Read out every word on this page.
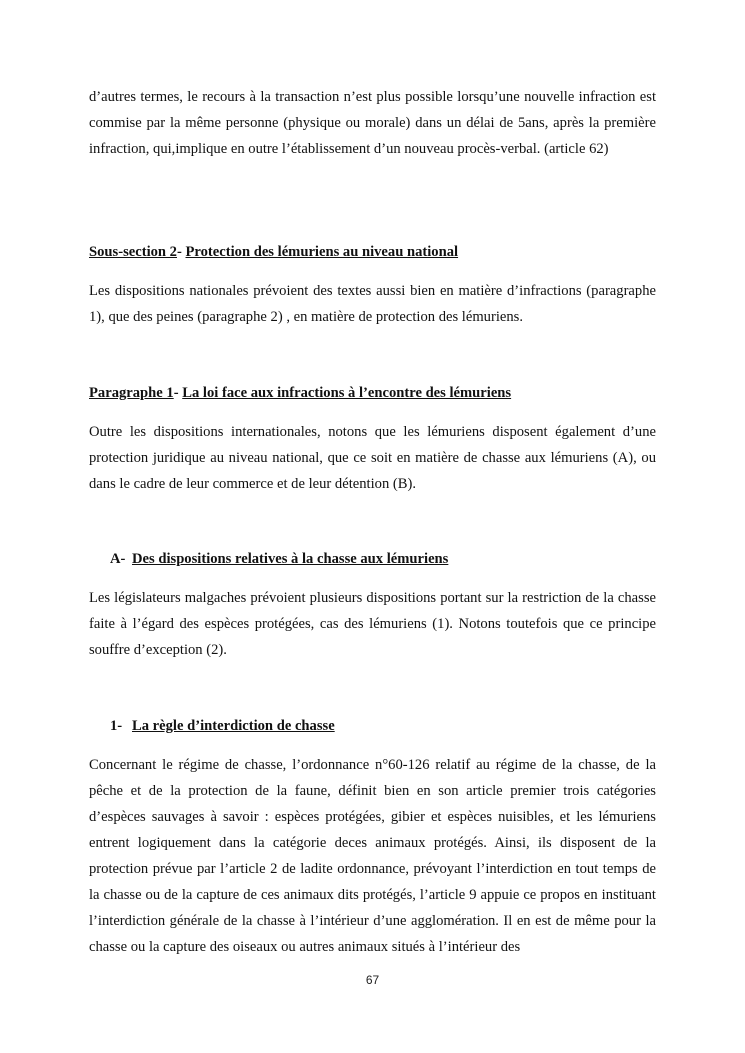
d’autres termes, le recours à la transaction n’est plus possible lorsqu’une nouvelle infraction est commise par la même personne (physique ou morale) dans un délai de 5ans, après la première infraction, qui,implique en outre l’établissement d’un nouveau procès-verbal. (article 62)

Sous-section 2- Protection des lémuriens au niveau national

Les dispositions nationales prévoient des textes aussi bien en matière d’infractions (paragraphe 1), que des peines (paragraphe 2) , en matière de protection des lémuriens.

Paragraphe 1- La loi face aux infractions à l’encontre des lémuriens

Outre les dispositions internationales, notons que les lémuriens disposent également d’une protection juridique au niveau national, que ce soit en matière de chasse aux lémuriens (A), ou dans le cadre de leur commerce et de leur détention (B).

A- Des dispositions relatives à la chasse aux lémuriens

Les législateurs malgaches prévoient plusieurs dispositions portant sur la restriction de la chasse faite à l’égard des espèces protégées, cas des lémuriens (1). Notons toutefois que ce principe souffre d’exception (2).

1- La règle d’interdiction de chasse

Concernant le régime de chasse, l’ordonnance n°60-126 relatif au régime de la chasse, de la pêche et de la protection de la faune, définit bien en son article premier trois catégories d’espèces sauvages à savoir : espèces protégées, gibier et espèces nuisibles, et les lémuriens entrent logiquement dans la catégorie deces animaux protégés. Ainsi, ils disposent de la protection prévue par l’article 2 de ladite ordonnance, prévoyant l’interdiction en tout temps de la chasse ou de la capture de ces animaux dits protégés, l’article 9 appuie ce propos en instituant l’interdiction générale de la chasse à l’intérieur d’une agglomération. Il en est de même pour la chasse ou la capture des oiseaux ou autres animaux situés à l’intérieur des

67
